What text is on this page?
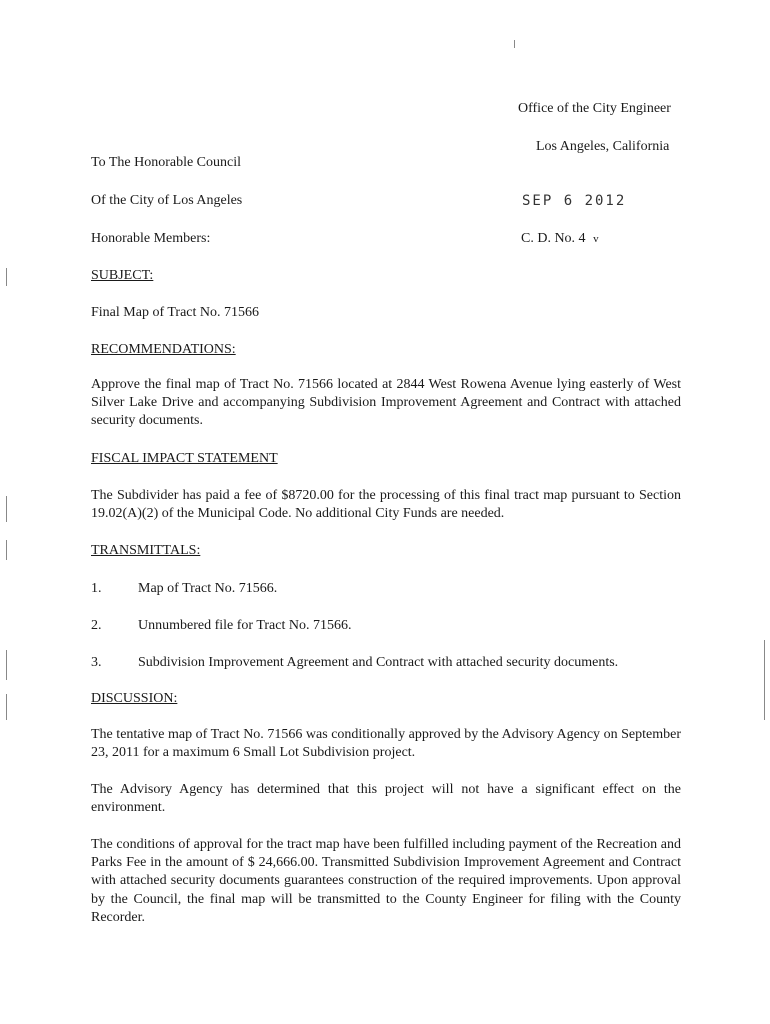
Office of the City Engineer
Los Angeles, California
SEP 6 2012
C. D. No. 4 v
To The Honorable Council
Of the City of Los Angeles
Honorable Members:
SUBJECT:
Final Map of Tract No. 71566
RECOMMENDATIONS:

Approve the final map of Tract No. 71566 located at 2844 West Rowena Avenue lying easterly of West Silver Lake Drive and accompanying Subdivision Improvement Agreement and Contract with attached security documents.

FISCAL IMPACT STATEMENT

The Subdivider has paid a fee of $8720.00 for the processing of this final tract map pursuant to Section 19.02(A)(2) of the Municipal Code. No additional City Funds are needed.

TRANSMITTALS:
1.	Map of Tract No. 71566.
2.	Unnumbered file for Tract No. 71566.
3.	Subdivision Improvement Agreement and Contract with attached security documents.
DISCUSSION:

The tentative map of Tract No. 71566 was conditionally approved by the Advisory Agency on September 23, 2011 for a maximum 6 Small Lot Subdivision project.

The Advisory Agency has determined that this project will not have a significant effect on the environment.

The conditions of approval for the tract map have been fulfilled including payment of the Recreation and Parks Fee in the amount of $ 24,666.00. Transmitted Subdivision Improvement Agreement and Contract with attached security documents guarantees construction of the required improvements. Upon approval by the Council, the final map will be transmitted to the County Engineer for filing with the County Recorder.
